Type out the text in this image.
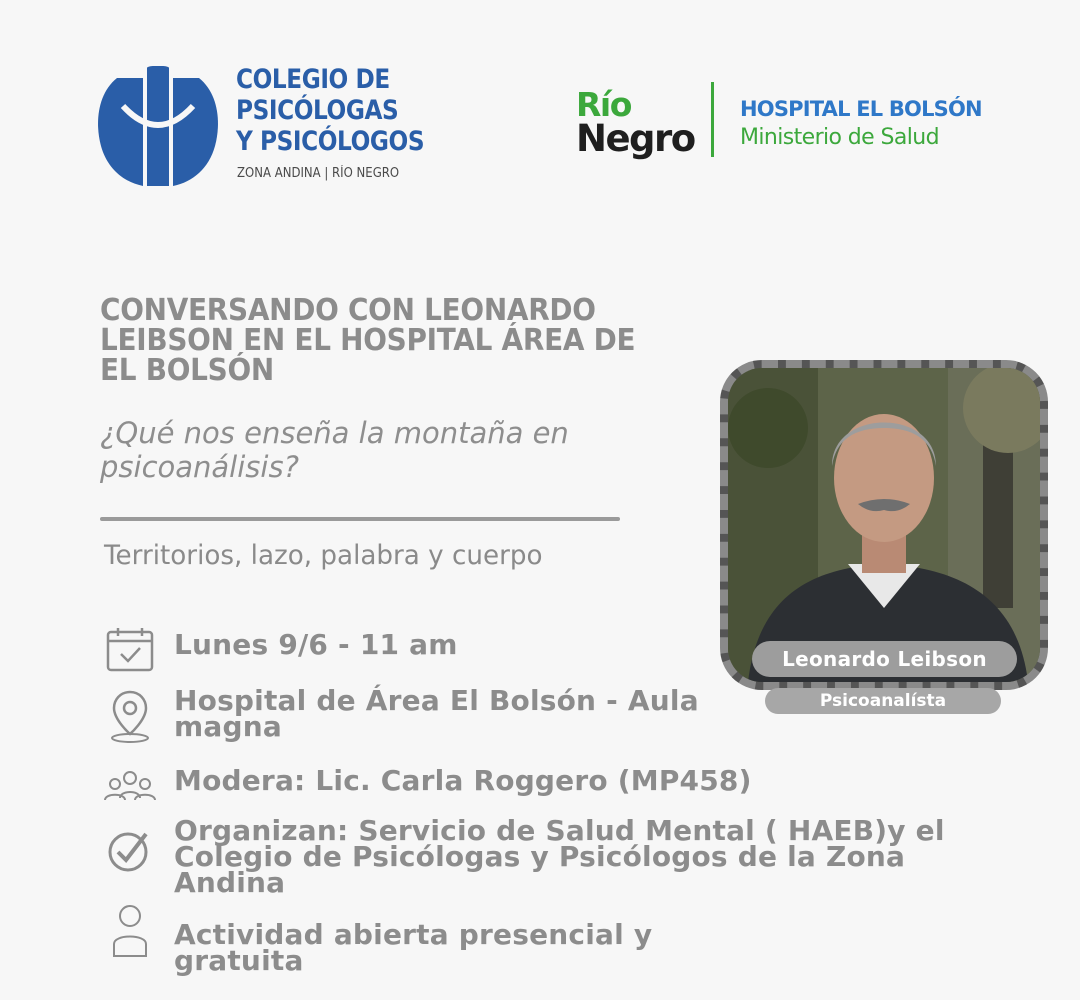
COLEGIO DE
PSICÓLOGAS
Y PSICÓLOGOS
ZONA ANDINA | RÍO NEGRO
Río
Negro
HOSPITAL EL BOLSÓN
Ministerio de Salud
CONVERSANDO CON LEONARDO LEIBSON EN EL HOSPITAL ÁREA DE EL BOLSÓN
¿Qué nos enseña la montaña en psicoanálisis?
Territorios, lazo, palabra y cuerpo
Lunes 9/6 - 11 am
Hospital de Área El Bolsón - Aula magna
Modera: Lic. Carla Roggero (MP458)
Organizan: Servicio de Salud Mental ( HAEB)y el Colegio de Psicólogas y Psicólogos de la Zona Andina
Actividad abierta presencial y gratuita
Leonardo Leibson
Psicoanalísta
